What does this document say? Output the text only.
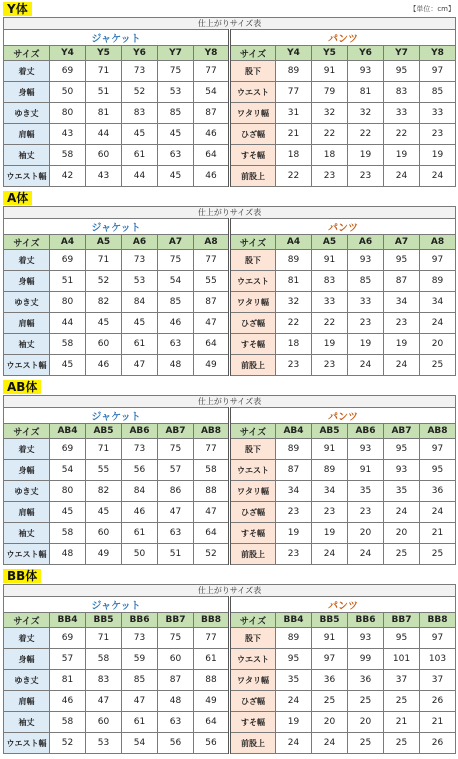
Y体	【単位：cm】
仕上がりサイズ表											
ジャケット						パンツ					
サイズ	Y4	Y5	Y6	Y7	Y8	サイズ	Y4	Y5	Y6	Y7	Y8
着丈	69	71	73	75	77	股下	89	91	93	95	97
身幅	50	51	52	53	54	ウエスト	77	79	81	83	85
ゆき丈	80	81	83	85	87	ワタリ幅	31	32	32	33	33
肩幅	43	44	45	45	46	ひざ幅	21	22	22	22	23
袖丈	58	60	61	63	64	すそ幅	18	18	19	19	19
ウエスト幅	42	43	44	45	46	前股上	22	23	23	24	24
A体
仕上がりサイズ表											
ジャケット						パンツ					
サイズ	A4	A5	A6	A7	A8	サイズ	A4	A5	A6	A7	A8
着丈	69	71	73	75	77	股下	89	91	93	95	97
身幅	51	52	53	54	55	ウエスト	81	83	85	87	89
ゆき丈	80	82	84	85	87	ワタリ幅	32	33	33	34	34
肩幅	44	45	45	46	47	ひざ幅	22	22	23	23	24
袖丈	58	60	61	63	64	すそ幅	18	19	19	19	20
ウエスト幅	45	46	47	48	49	前股上	23	23	24	24	25
AB体
仕上がりサイズ表											
ジャケット						パンツ					
サイズ	AB4	AB5	AB6	AB7	AB8	サイズ	AB4	AB5	AB6	AB7	AB8
着丈	69	71	73	75	77	股下	89	91	93	95	97
身幅	54	55	56	57	58	ウエスト	87	89	91	93	95
ゆき丈	80	82	84	86	88	ワタリ幅	34	34	35	35	36
肩幅	45	45	46	47	47	ひざ幅	23	23	23	24	24
袖丈	58	60	61	63	64	すそ幅	19	19	20	20	21
ウエスト幅	48	49	50	51	52	前股上	23	24	24	25	25
BB体
仕上がりサイズ表											
ジャケット						パンツ					
サイズ	BB4	BB5	BB6	BB7	BB8	サイズ	BB4	BB5	BB6	BB7	BB8
着丈	69	71	73	75	77	股下	89	91	93	95	97
身幅	57	58	59	60	61	ウエスト	95	97	99	101	103
ゆき丈	81	83	85	87	88	ワタリ幅	35	36	36	37	37
肩幅	46	47	47	48	49	ひざ幅	24	25	25	25	26
袖丈	58	60	61	63	64	すそ幅	19	20	20	21	21
ウエスト幅	52	53	54	56	56	前股上	24	24	25	25	26
